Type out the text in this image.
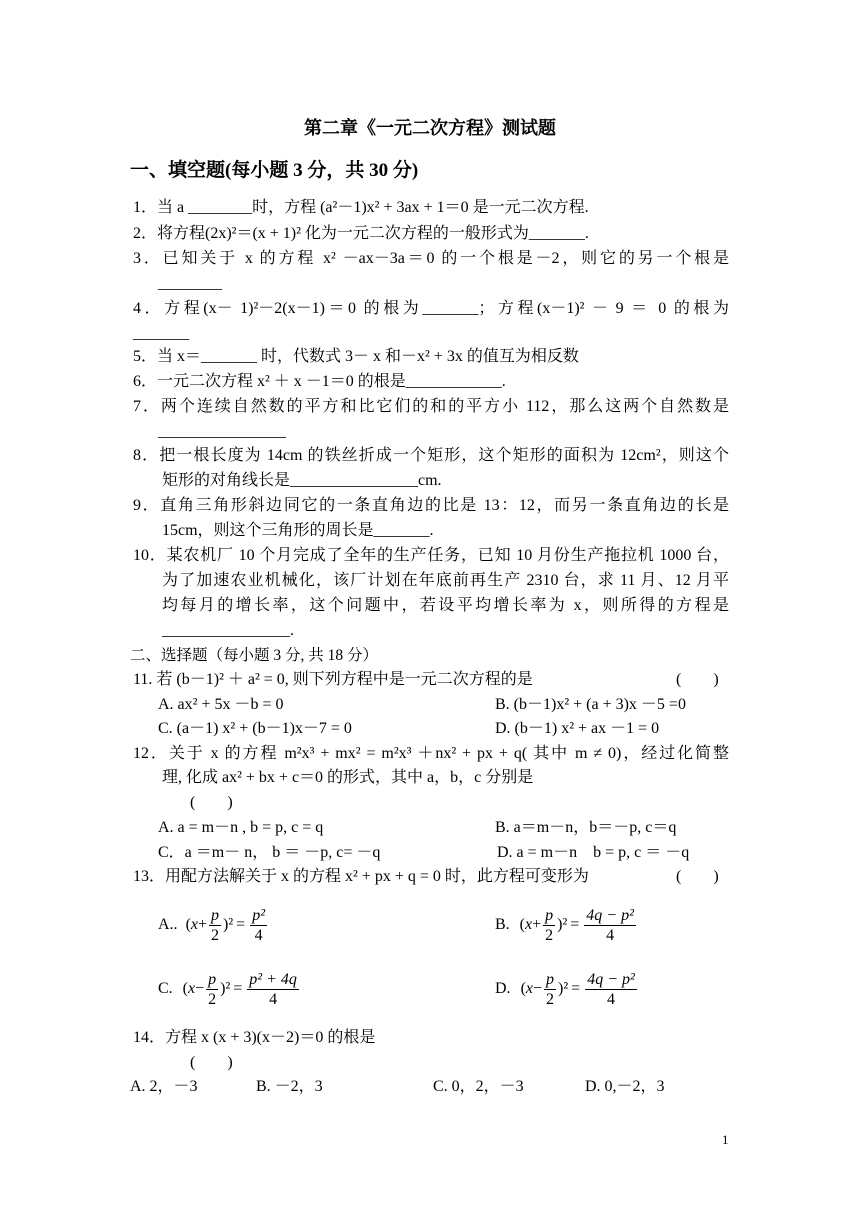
第二章《一元二次方程》测试题
一、填空题(每小题 3 分，共 30 分)
1．当 a ________时，方程 (a²－1)x² + 3ax + 1＝0 是一元二次方程.
2．将方程(2x)²＝(x + 1)² 化为一元二次方程的一般形式为_______.
3．已知关于 x 的方程 x² －ax－3a＝0 的一个根是－2，则它的另一个根是
________
4．方程(x－ 1)²－2(x－1)＝0 的根为_______；方程(x－1)² － 9 ＝ 0 的根为
_______
5．当 x＝_______ 时，代数式 3－ x 和－x² + 3x 的值互为相反数
6．一元二次方程 x² ＋ x －1＝0 的根是____________.
7．两个连续自然数的平方和比它们的和的平方小 112，那么这两个自然数是
________________
8．把一根长度为 14cm 的铁丝折成一个矩形，这个矩形的面积为 12cm²，则这个
矩形的对角线长是________________cm.
9．直角三角形斜边同它的一条直角边的比是 13：12，而另一条直角边的长是
15cm，则这个三角形的周长是_______.
10．某农机厂 10 个月完成了全年的生产任务，已知 10 月份生产拖拉机 1000 台，
为了加速农业机械化，该厂计划在年底前再生产 2310 台，求 11 月、12 月平
均每月的增长率，这个问题中，若设平均增长率为 x，则所得的方程是
________________.
二、选择题（每小题 3 分, 共 18 分）
11. 若 (b－1)² ＋ a² = 0, 则下列方程中是一元二次方程的是	(　　)
A. ax² + 5x －b = 0	B. (b－1)x² + (a + 3)x －5 =0
C. (a－1) x² + (b－1)x－7 = 0	D. (b－1) x² + ax －1 = 0
12．关于 x 的方程 m²x³ + mx² = m²x³ ＋nx² + px + q( 其中 m ≠ 0)，经过化简整
理, 化成 ax² + bx + c＝0 的形式，其中 a，b，c 分别是
(　　)
A. a = m－n , b = p, c = q	B. a＝m－n，b＝－p, c＝q
C．a ＝m－ n， b ＝ －p, c= －q	D. a = m－n　b = p, c ＝ －q
13．用配方法解关于 x 的方程 x² + px + q = 0 时，此方程可变形为	(　　)
A.. ( $x + \frac{p}{2}$ ) $^2 = \frac{\text{p²}}{4}$	B. ( $x + \frac{p}{2}$ ) $^2 = \frac{\text{4q − p²}}{4}$
C. ( $x - \frac{p}{2}$ ) $^2 = \frac{\text{p² + 4q}}{4}$	D. ( $x - \frac{p}{2}$ ) $^2 = \frac{\text{4q − p²}}{4}$
14．方程 x (x + 3)(x－2)＝0 的根是
(　　)
A. 2，－3	B. －2，3	C. 0，2，－3	D. 0,－2，3
1
